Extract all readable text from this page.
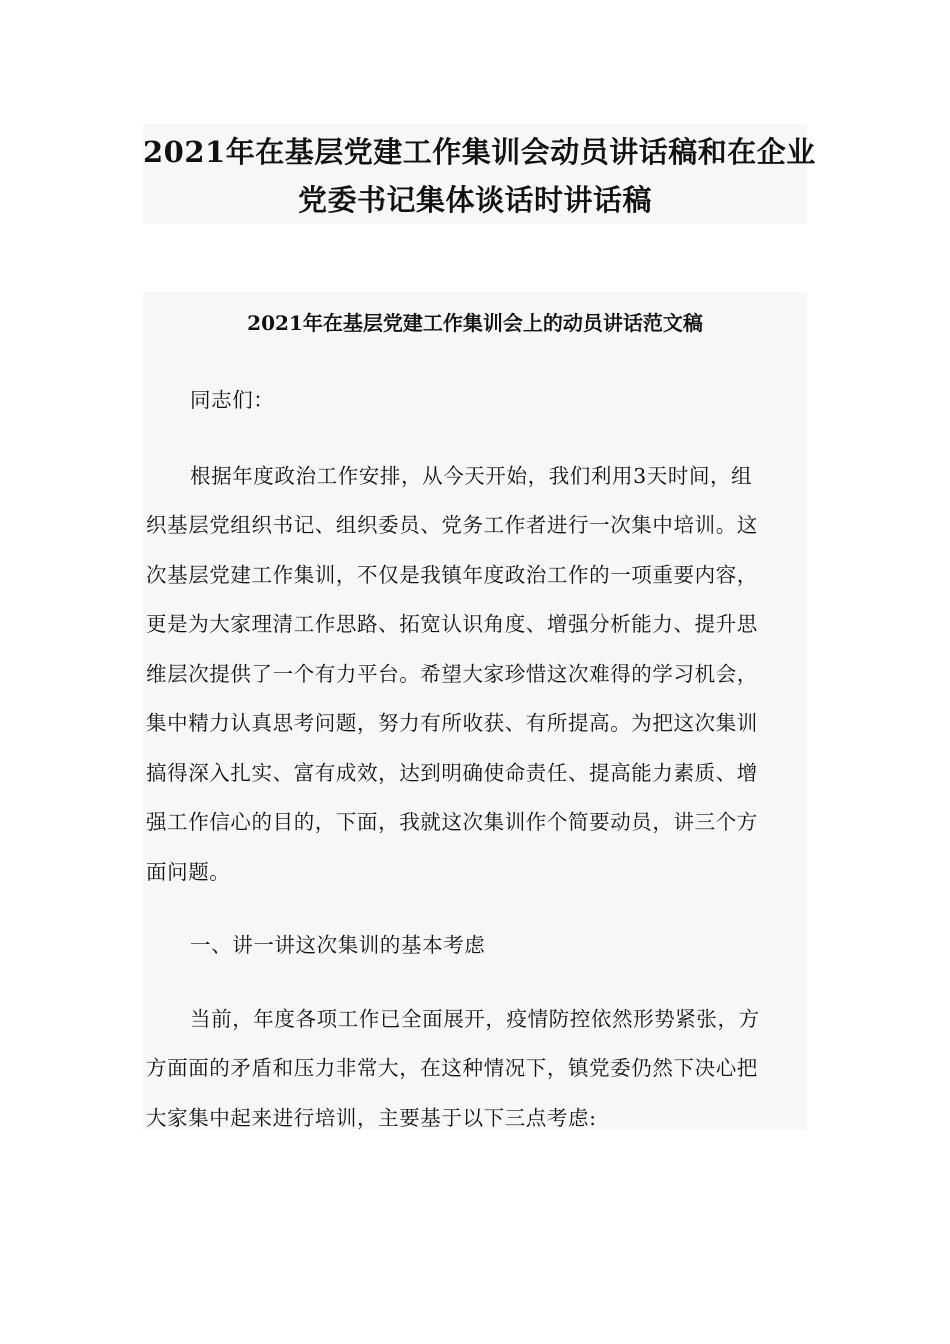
2021年在基层党建工作集训会动员讲话稿和在企业
党委书记集体谈话时讲话稿
2021年在基层党建工作集训会上的动员讲话范文稿
同志们：
根据年度政治工作安排，从今天开始，我们利用3天时间，组
织基层党组织书记、组织委员、党务工作者进行一次集中培训。这
次基层党建工作集训，不仅是我镇年度政治工作的一项重要内容，
更是为大家理清工作思路、拓宽认识角度、增强分析能力、提升思
维层次提供了一个有力平台。希望大家珍惜这次难得的学习机会，
集中精力认真思考问题，努力有所收获、有所提高。为把这次集训
搞得深入扎实、富有成效，达到明确使命责任、提高能力素质、增
强工作信心的目的，下面，我就这次集训作个简要动员，讲三个方
面问题。
一、讲一讲这次集训的基本考虑
当前，年度各项工作已全面展开，疫情防控依然形势紧张，方
方面面的矛盾和压力非常大，在这种情况下，镇党委仍然下决心把
大家集中起来进行培训，主要基于以下三点考虑:
